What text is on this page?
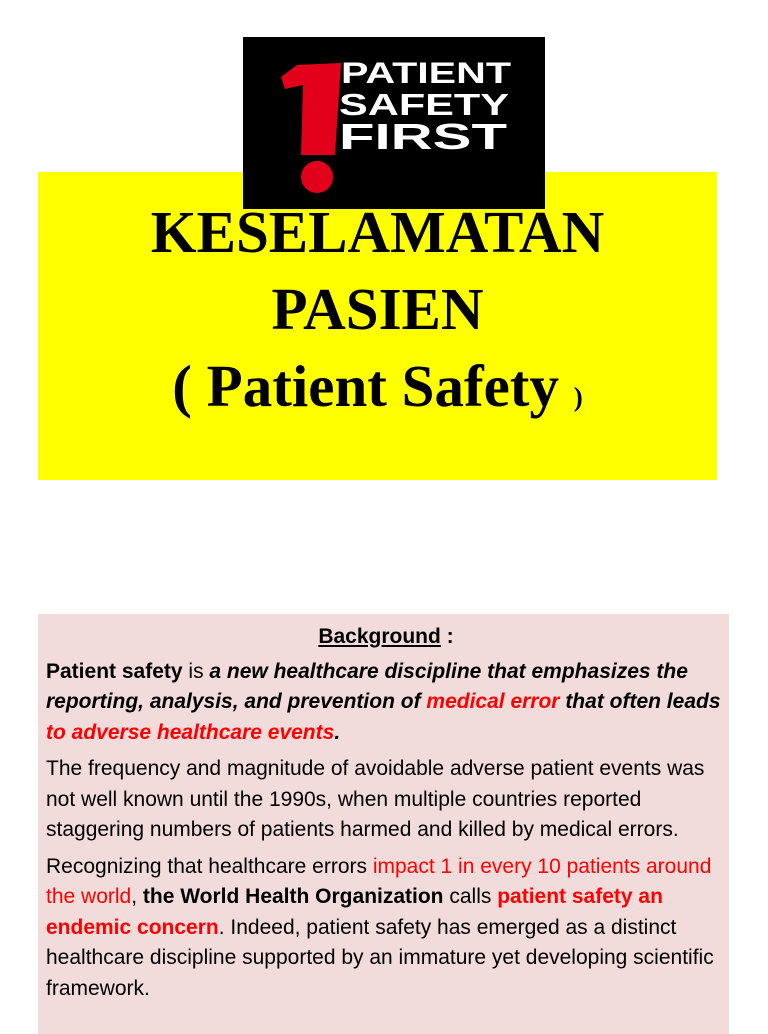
PATIENT
SAFETY
FIRST
KESELAMATAN
PASIEN
( Patient Safety )
Background :

Patient safety is a new healthcare discipline that emphasizes the reporting, analysis, and prevention of medical error that often leads to adverse healthcare events.

The frequency and magnitude of avoidable adverse patient events was not well known until the 1990s, when multiple countries reported staggering numbers of patients harmed and killed by medical errors.

Recognizing that healthcare errors impact 1 in every 10 patients around the world, the World Health Organization calls patient safety an endemic concern. Indeed, patient safety has emerged as a distinct healthcare discipline supported by an immature yet developing scientific framework.
